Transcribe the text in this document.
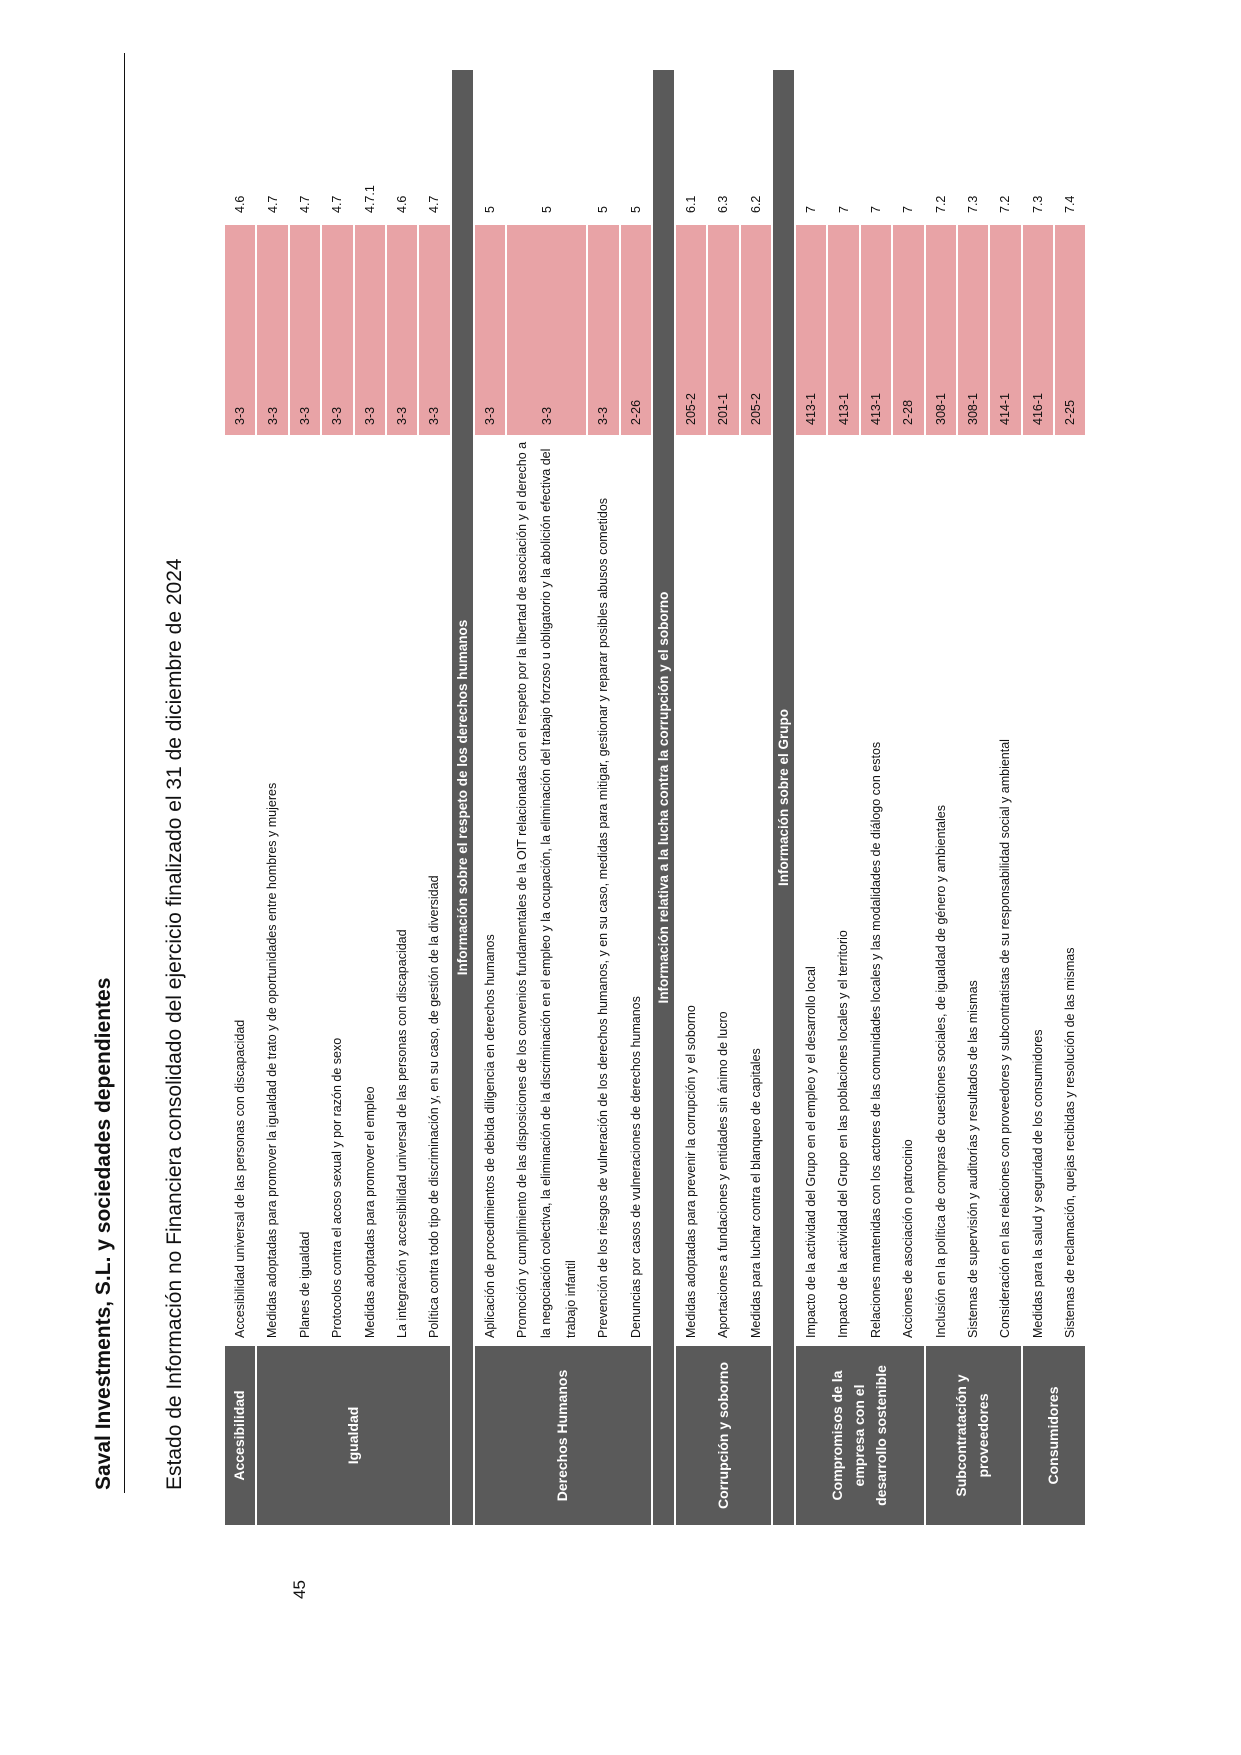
45
Saval Investments, S.L. y sociedades dependientes Estado de Información no Financiera consolidado del ejercicio finalizado el 31 de diciembre de 2024	Accesibilidad	Accesibilidad universal de las personas con discapacidad	3-3	4.6
Igualdad	Medidas adoptadas para promover la igualdad de trato y de oportunidades entre hombres y mujeres	3-3	4.7
	Planes de igualdad	3-3	4.7
	Protocolos contra el acoso sexual y por razón de sexo	3-3	4.7
	Medidas adoptadas para promover el empleo	3-3	4.7.1
	La integración y accesibilidad universal de las personas con discapacidad	3-3	4.6
	Política contra todo tipo de discriminación y, en su caso, de gestión de la diversidad	3-3	4.7
Información sobre el respeto de los derechos humanos			
Derechos Humanos	Aplicación de procedimientos de debida diligencia en derechos humanos	3-3	5
	Promoción y cumplimiento de las disposiciones de los convenios fundamentales de la OIT relacionadas con el respeto por la libertad de asociación y el derecho a la negociación colectiva, la eliminación de la discriminación en el empleo y la ocupación, la eliminación del trabajo forzoso u obligatorio y la abolición efectiva del trabajo infantil	3-3	5
	Prevención de los riesgos de vulneración de los derechos humanos, y en su caso, medidas para mitigar, gestionar y reparar posibles abusos cometidos	3-3	5
	Denuncias por casos de vulneraciones de derechos humanos	2-26	5
Información relativa a la lucha contra la corrupción y el soborno			
Corrupción y soborno	Medidas adoptadas para prevenir la corrupción y el soborno	205-2	6.1
	Aportaciones a fundaciones y entidades sin ánimo de lucro	201-1	6.3
	Medidas para luchar contra el blanqueo de capitales	205-2	6.2
Información sobre el Grupo			
Compromisos de la empresa con el desarrollo sostenible	Impacto de la actividad del Grupo en el empleo y el desarrollo local	413-1	7
	Impacto de la actividad del Grupo en las poblaciones locales y el territorio	413-1	7
	Relaciones mantenidas con los actores de las comunidades locales y las modalidades de diálogo con estos	413-1	7
	Acciones de asociación o patrocinio	2-28	7
Subcontratación y proveedores	Inclusión en la política de compras de cuestiones sociales, de igualdad de género y ambientales	308-1	7.2
	Sistemas de supervisión y auditorías y resultados de las mismas	308-1	7.3
	Consideración en las relaciones con proveedores y subcontratistas de su responsabilidad social y ambiental	414-1	7.2
Consumidores	Medidas para la salud y seguridad de los consumidores	416-1	7.3
	Sistemas de reclamación, quejas recibidas y resolución de las mismas	2-25	7.4
